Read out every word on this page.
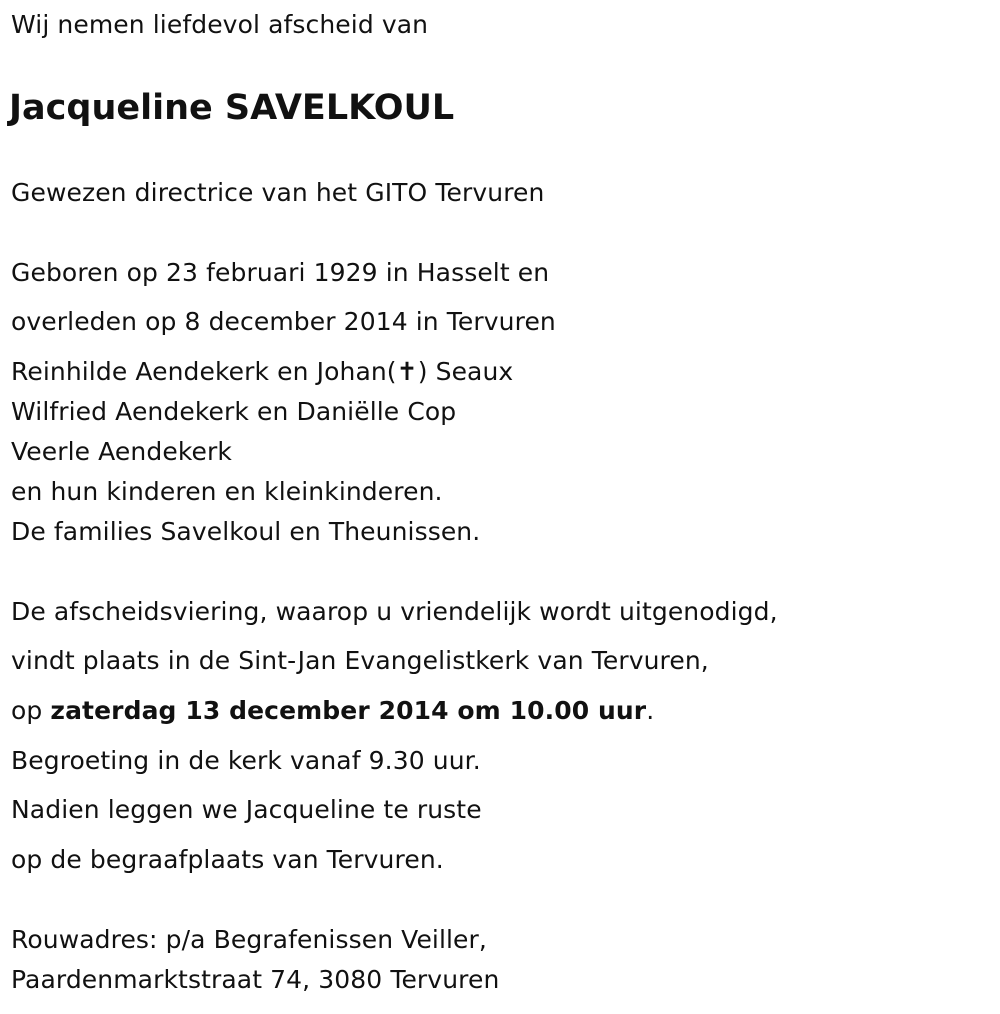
Wij nemen liefdevol afscheid van
Jacqueline SAVELKOUL
Gewezen directrice van het GITO Tervuren
Geboren op 23 februari 1929 in Hasselt en
overleden op 8 december 2014 in Tervuren
Reinhilde Aendekerk en Johan(✝) Seaux
Wilfried Aendekerk en Daniëlle Cop
Veerle Aendekerk
en hun kinderen en kleinkinderen.
De families Savelkoul en Theunissen.
De afscheidsviering, waarop u vriendelijk wordt uitgenodigd,
vindt plaats in de Sint-Jan Evangelistkerk van Tervuren,
op zaterdag 13 december 2014 om 10.00 uur.
Begroeting in de kerk vanaf 9.30 uur.
Nadien leggen we Jacqueline te ruste
op de begraafplaats van Tervuren.
Rouwadres: p/a Begrafenissen Veiller,
Paardenmarktstraat 74, 3080 Tervuren
